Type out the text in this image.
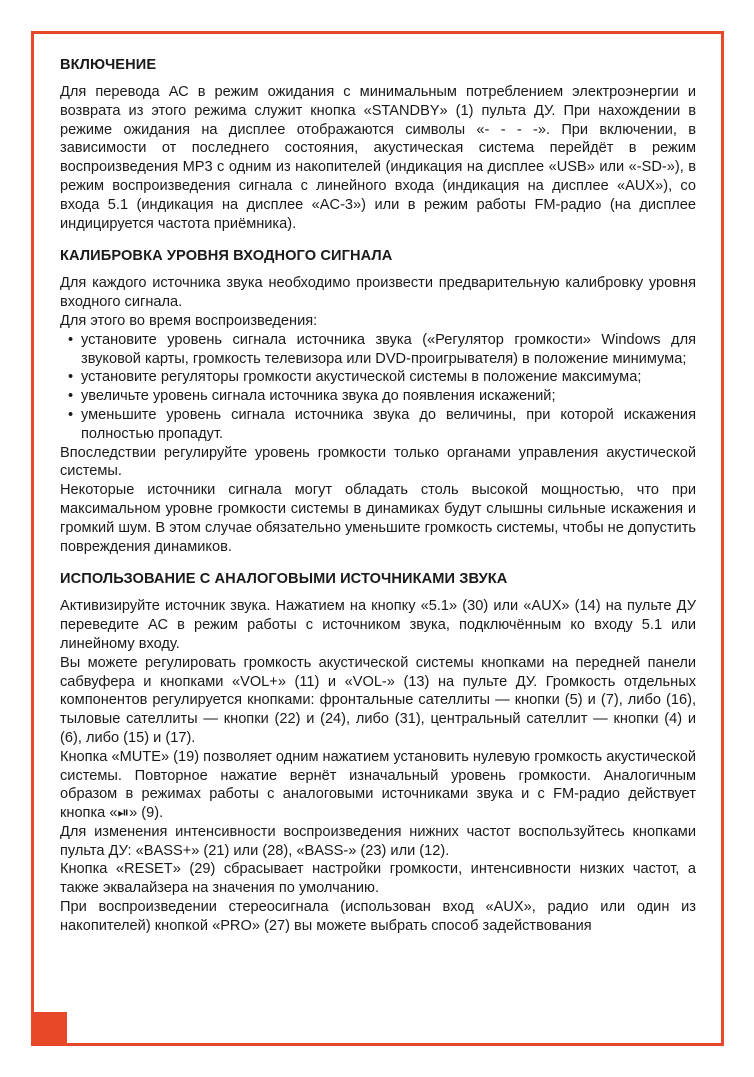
ВКЛЮЧЕНИЕ

Для перевода АС в режим ожидания с минимальным потреблением электроэнергии и возврата из этого режима служит кнопка «STANDBY» (1) пульта ДУ. При нахождении в режиме ожидания на дисплее отображаются символы «- - - -». При включении, в зависимости от последнего состояния, акустическая система перейдёт в режим воспроизведения MP3 с одним из накопителей (индикация на дисплее «USB» или «-SD-»), в режим воспроизведения сигнала с линейного входа (индикация на дисплее «AUX»), со входа 5.1 (индикация на дисплее «AC-3») или в режим работы FM-радио (на дисплее индицируется частота приёмника).

КАЛИБРОВКА УРОВНЯ ВХОДНОГО СИГНАЛА

Для каждого источника звука необходимо произвести предварительную калибровку уровня входного сигнала.

Для этого во время воспроизведения:

• установите уровень сигнала источника звука («Регулятор громкости» Windows для звуковой карты, громкость телевизора или DVD-проигрывателя) в положение минимума;
• установите регуляторы громкости акустической системы в положение максимума;
• увеличьте уровень сигнала источника звука до появления искажений;
• уменьшите уровень сигнала источника звука до величины, при которой искажения полностью пропадут.

Впоследствии регулируйте уровень громкости только органами управления акустической системы.

Некоторые источники сигнала могут обладать столь высокой мощностью, что при максимальном уровне громкости системы в динамиках будут слышны сильные искажения и громкий шум. В этом случае обязательно уменьшите громкость системы, чтобы не допустить повреждения динамиков.

ИСПОЛЬЗОВАНИЕ С АНАЛОГОВЫМИ ИСТОЧНИКАМИ ЗВУКА

Активизируйте источник звука. Нажатием на кнопку «5.1» (30) или «AUX» (14) на пульте ДУ переведите АС в режим работы с источником звука, подключённым ко входу 5.1 или линейному входу.

Вы можете регулировать громкость акустической системы кнопками на передней панели сабвуфера и кнопками «VOL+» (11) и «VOL-» (13) на пульте ДУ. Громкость отдельных компонентов регулируется кнопками: фронтальные сателлиты — кнопки (5) и (7), либо (16), тыловые сателлиты — кнопки (22) и (24), либо (31), центральный сателлит — кнопки (4) и (6), либо (15) и (17).

Кнопка «MUTE» (19) позволяет одним нажатием установить нулевую громкость акустической системы. Повторное нажатие вернёт изначальный уровень громкости. Аналогичным образом в режимах работы с аналоговыми источниками звука и с FM-радио действует кнопка «⏯» (9).

Для изменения интенсивности воспроизведения нижних частот воспользуйтесь кнопками пульта ДУ: «BASS+» (21) или (28), «BASS-» (23) или (12).

Кнопка «RESET» (29) сбрасывает настройки громкости, интенсивности низких частот, а также эквалайзера на значения по умолчанию.

При воспроизведении стереосигнала (использован вход «AUX», радио или один из накопителей) кнопкой «PRO» (27) вы можете выбрать способ задействования
